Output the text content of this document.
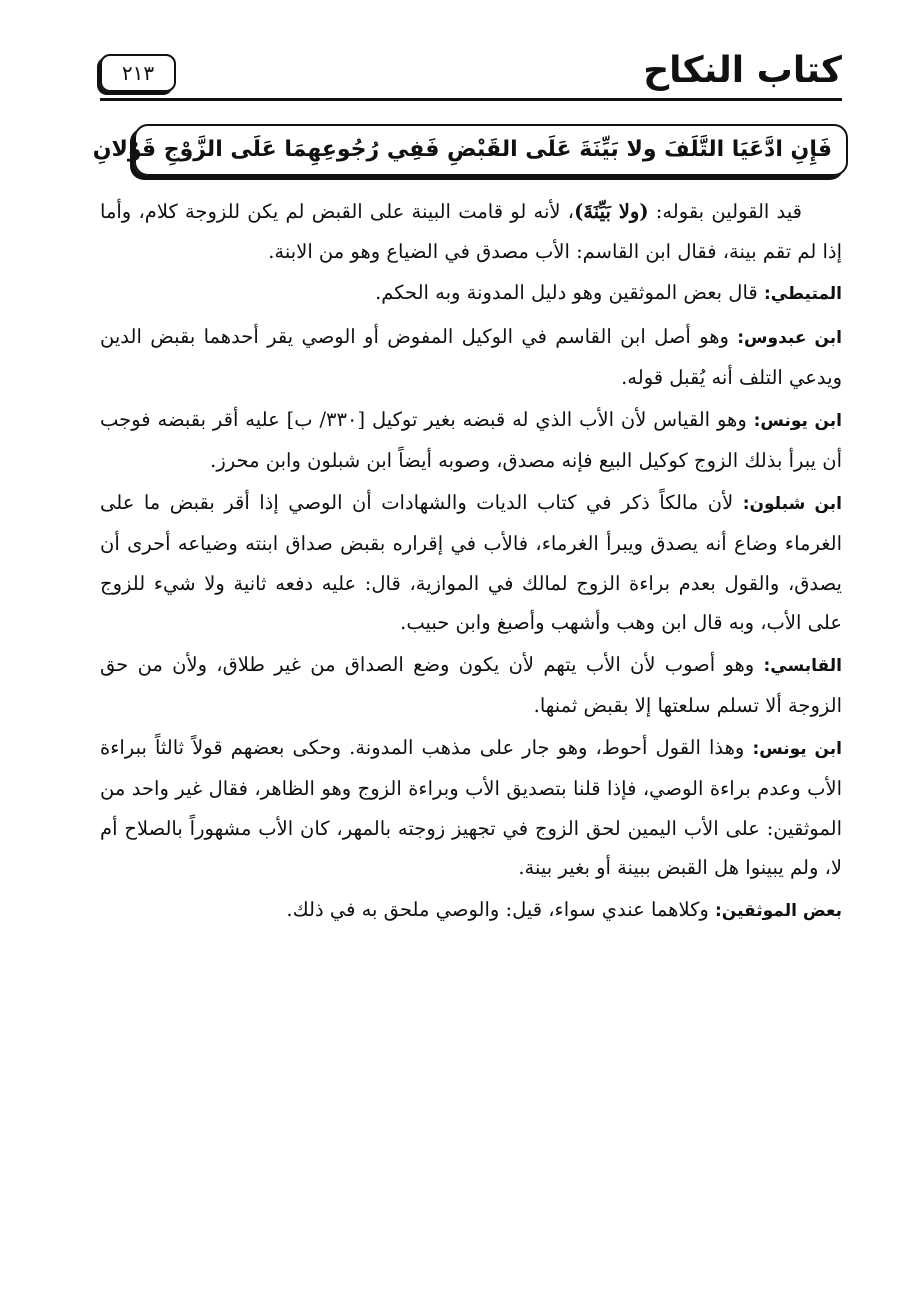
كتاب النكاح
٢١٣
فَإِنِ ادَّعَيَا التَّلَفَ ولا بَيِّنَةَ عَلَى القَبْضِ فَفِي رُجُوعِهِمَا عَلَى الزَّوْجِ قَوْلانِ

قيد القولين بقوله: (ولا بَيِّنَةَ)، لأنه لو قامت البينة على القبض لم يكن للزوجة كلام، وأما إذا لم تقم بينة، فقال ابن القاسم: الأب مصدق في الضياع وهو من الابنة.

المتيطي: قال بعض الموثقين وهو دليل المدونة وبه الحكم.

ابن عبدوس: وهو أصل ابن القاسم في الوكيل المفوض أو الوصي يقر أحدهما بقبض الدين ويدعي التلف أنه يُقبل قوله.

ابن يونس: وهو القياس لأن الأب الذي له قبضه بغير توكيل [٣٣٠/ ب] عليه أقر بقبضه فوجب أن يبرأ بذلك الزوج كوكيل البيع فإنه مصدق، وصوبه أيضاً ابن شبلون وابن محرز.

ابن شبلون: لأن مالكاً ذكر في كتاب الديات والشهادات أن الوصي إذا أقر بقبض ما على الغرماء وضاع أنه يصدق ويبرأ الغرماء، فالأب في إقراره بقبض صداق ابنته وضياعه أحرى أن يصدق، والقول بعدم براءة الزوج لمالك في الموازية، قال: عليه دفعه ثانية ولا شيء للزوج على الأب، وبه قال ابن وهب وأشهب وأصبغ وابن حبيب.

القابسي: وهو أصوب لأن الأب يتهم لأن يكون وضع الصداق من غير طلاق، ولأن من حق الزوجة ألا تسلم سلعتها إلا بقبض ثمنها.

ابن يونس: وهذا القول أحوط، وهو جار على مذهب المدونة. وحكى بعضهم قولاً ثالثاً ببراءة الأب وعدم براءة الوصي، فإذا قلنا بتصديق الأب وبراءة الزوج وهو الظاهر، فقال غير واحد من الموثقين: على الأب اليمين لحق الزوج في تجهيز زوجته بالمهر، كان الأب مشهوراً بالصلاح أم لا، ولم يبينوا هل القبض ببينة أو بغير بينة.

بعض الموثقين: وكلاهما عندي سواء، قيل: والوصي ملحق به في ذلك.
